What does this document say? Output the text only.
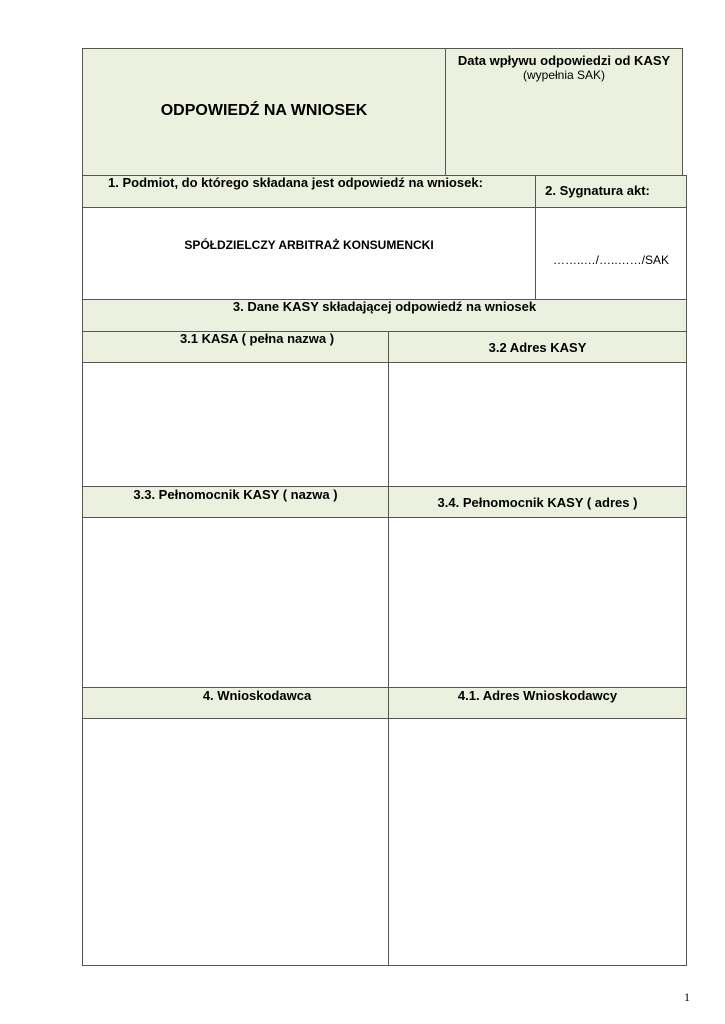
ODPOWIEDŹ NA WNIOSEK
Data wpływu odpowiedzi od KASY
(wypełnia SAK)
1. Podmiot, do którego składana jest odpowiedź na wniosek:
2. Sygnatura akt:
SPÓŁDZIELCZY ARBITRAŻ KONSUMENCKI
……..…/…..……/SAK
3. Dane KASY składającej odpowiedź na wniosek
3.1 KASA ( pełna nazwa )
3.2 Adres KASY
3.3. Pełnomocnik KASY ( nazwa )
3.4. Pełnomocnik KASY ( adres )
4. Wnioskodawca	4.1. Adres Wnioskodawcy
1
